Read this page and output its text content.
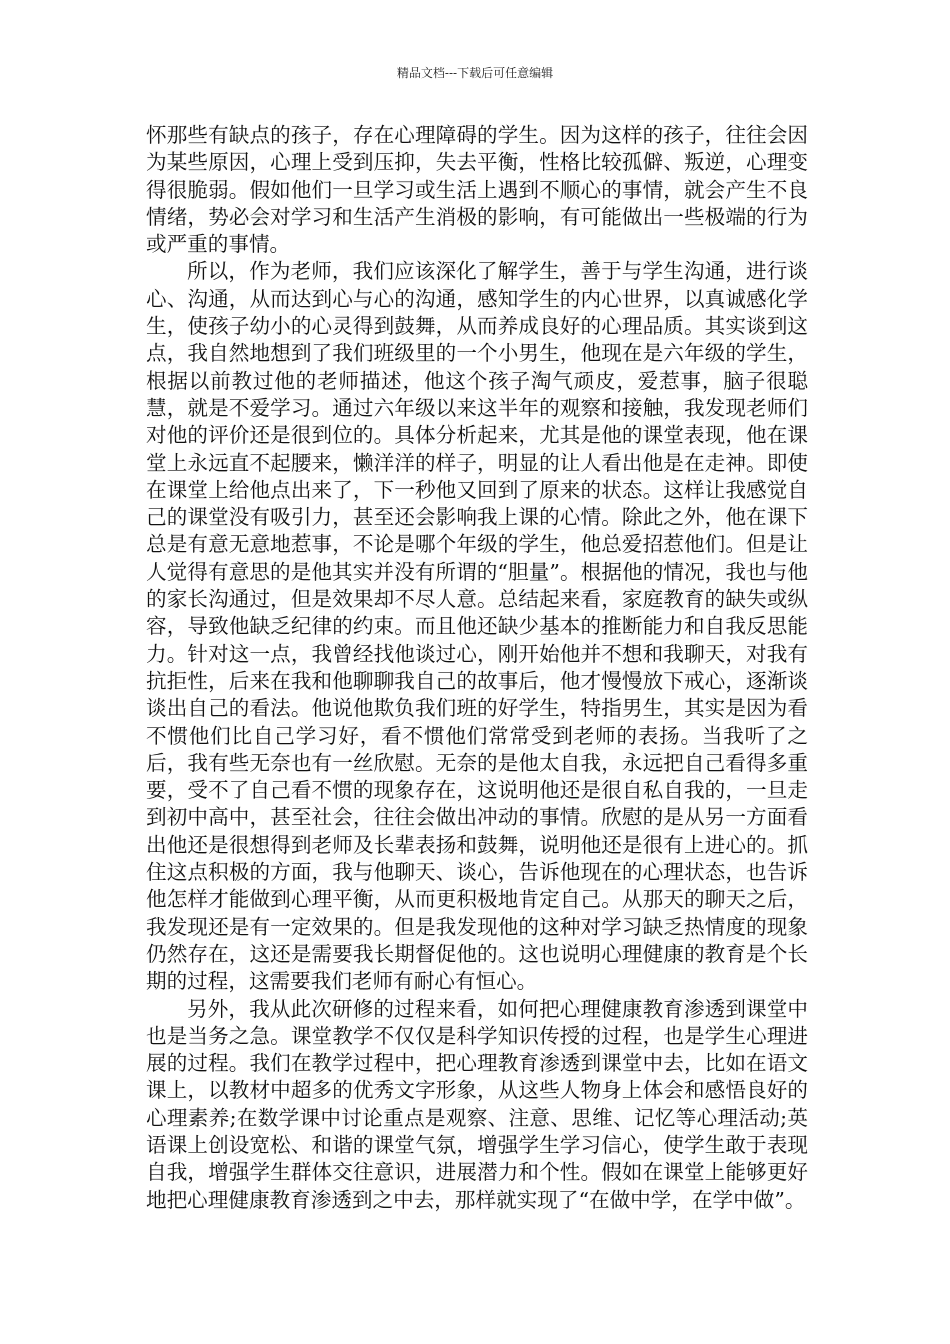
精品文档---下载后可任意编辑

怀那些有缺点的孩子，存在心理障碍的学生。因为这样的孩子，往往会因为某些原因，心理上受到压抑，失去平衡，性格比较孤僻、叛逆，心理变得很脆弱。假如他们一旦学习或生活上遇到不顺心的事情，就会产生不良情绪，势必会对学习和生活产生消极的影响，有可能做出一些极端的行为或严重的事情。

所以，作为老师，我们应该深化了解学生，善于与学生沟通，进行谈心、沟通，从而达到心与心的沟通，感知学生的内心世界，以真诚感化学生，使孩子幼小的心灵得到鼓舞，从而养成良好的心理品质。其实谈到这点，我自然地想到了我们班级里的一个小男生，他现在是六年级的学生，根据以前教过他的老师描述，他这个孩子淘气顽皮，爱惹事，脑子很聪慧，就是不爱学习。通过六年级以来这半年的观察和接触，我发现老师们对他的评价还是很到位的。具体分析起来，尤其是他的课堂表现，他在课堂上永远直不起腰来，懒洋洋的样子，明显的让人看出他是在走神。即使在课堂上给他点出来了，下一秒他又回到了原来的状态。这样让我感觉自己的课堂没有吸引力，甚至还会影响我上课的心情。除此之外，他在课下总是有意无意地惹事，不论是哪个年级的学生，他总爱招惹他们。但是让人觉得有意思的是他其实并没有所谓的“胆量”。根据他的情况，我也与他的家长沟通过，但是效果却不尽人意。总结起来看，家庭教育的缺失或纵容，导致他缺乏纪律的约束。而且他还缺少基本的推断能力和自我反思能力。针对这一点，我曾经找他谈过心，刚开始他并不想和我聊天，对我有抗拒性，后来在我和他聊聊我自己的故事后，他才慢慢放下戒心，逐渐谈谈出自己的看法。他说他欺负我们班的好学生，特指男生，其实是因为看不惯他们比自己学习好，看不惯他们常常受到老师的表扬。当我听了之后，我有些无奈也有一丝欣慰。无奈的是他太自我，永远把自己看得多重要，受不了自己看不惯的现象存在，这说明他还是很自私自我的，一旦走到初中高中，甚至社会，往往会做出冲动的事情。欣慰的是从另一方面看出他还是很想得到老师及长辈表扬和鼓舞，说明他还是很有上进心的。抓住这点积极的方面，我与他聊天、谈心，告诉他现在的心理状态，也告诉他怎样才能做到心理平衡，从而更积极地肯定自己。从那天的聊天之后，我发现还是有一定效果的。但是我发现他的这种对学习缺乏热情度的现象仍然存在，这还是需要我长期督促他的。这也说明心理健康的教育是个长期的过程，这需要我们老师有耐心有恒心。

另外，我从此次研修的过程来看，如何把心理健康教育渗透到课堂中也是当务之急。课堂教学不仅仅是科学知识传授的过程，也是学生心理进展的过程。我们在教学过程中，把心理教育渗透到课堂中去，比如在语文课上，以教材中超多的优秀文字形象，从这些人物身上体会和感悟良好的心理素养;在数学课中讨论重点是观察、注意、思维、记忆等心理活动;英语课上创设宽松、和谐的课堂气氛，增强学生学习信心，使学生敢于表现自我，增强学生群体交往意识，进展潜力和个性。假如在课堂上能够更好地把心理健康教育渗透到之中去，那样就实现了“在做中学，在学中做”。
